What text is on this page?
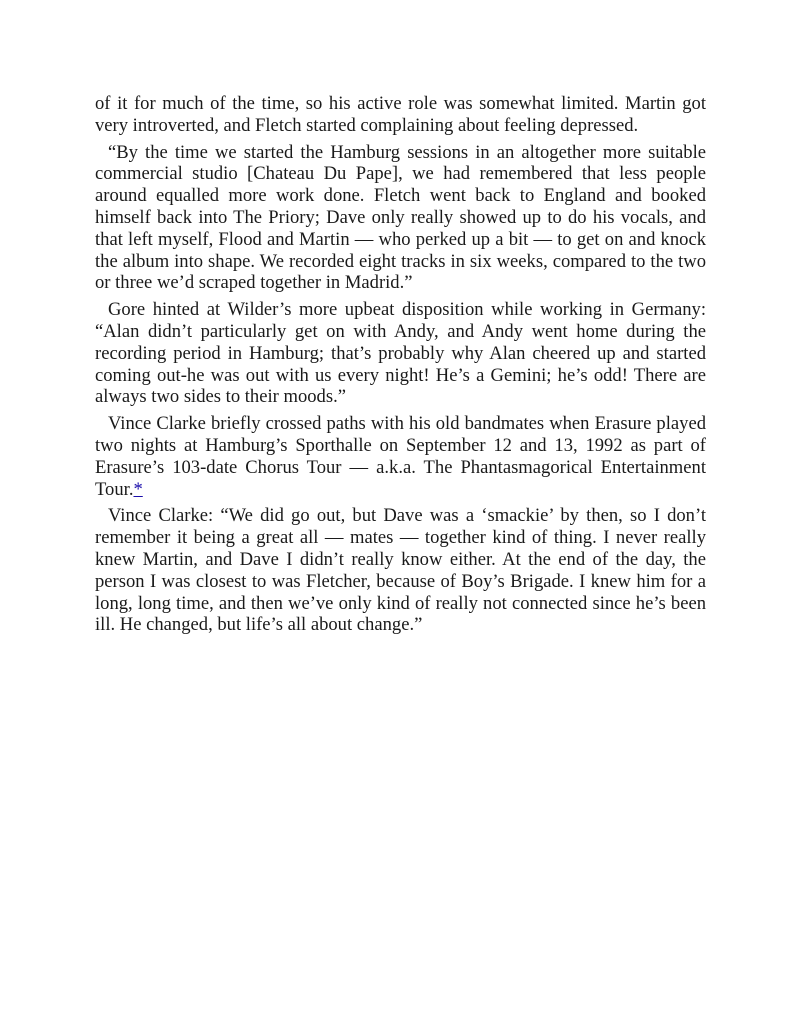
of it for much of the time, so his active role was somewhat limited. Martin got very introverted, and Fletch started complaining about feeling depressed.

“By the time we started the Hamburg sessions in an altogether more suitable commercial studio [Chateau Du Pape], we had remembered that less people around equalled more work done. Fletch went back to England and booked himself back into The Priory; Dave only really showed up to do his vocals, and that left myself, Flood and Martin — who perked up a bit — to get on and knock the album into shape. We recorded eight tracks in six weeks, compared to the two or three we’d scraped together in Madrid.”

Gore hinted at Wilder’s more upbeat disposition while working in Germany: “Alan didn’t particularly get on with Andy, and Andy went home during the recording period in Hamburg; that’s probably why Alan cheered up and started coming out-he was out with us every night! He’s a Gemini; he’s odd! There are always two sides to their moods.”

Vince Clarke briefly crossed paths with his old bandmates when Erasure played two nights at Hamburg’s Sporthalle on September 12 and 13, 1992 as part of Erasure’s 103-date Chorus Tour — a.k.a. The Phantasmagorical Entertainment Tour.*

Vince Clarke: “We did go out, but Dave was a ‘smackie’ by then, so I don’t remember it being a great all — mates — together kind of thing. I never really knew Martin, and Dave I didn’t really know either. At the end of the day, the person I was closest to was Fletcher, because of Boy’s Brigade. I knew him for a long, long time, and then we’ve only kind of really not connected since he’s been ill. He changed, but life’s all about change.”
